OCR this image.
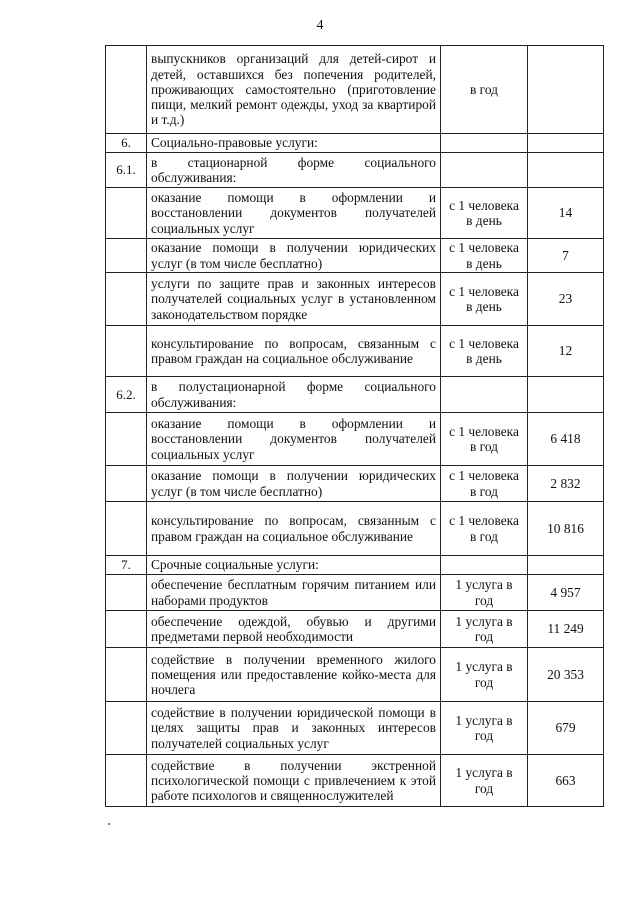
4
	выпускников организаций для детей-сирот и детей, оставшихся без попечения родителей, проживающих самостоятельно (приготовление пищи, мелкий ремонт одежды, уход за квартирой и т.д.)	в год	
6.	Социально-правовые услуги:		
6.1.	в стационарной форме социального обслуживания:		
	оказание помощи в оформлении и восстановлении документов получателей социальных услуг	с 1 человека в день	14
	оказание помощи в получении юридических услуг (в том числе бесплатно)	с 1 человека в день	7
	услуги по защите прав и законных интересов получателей социальных услуг в установленном законодательством порядке	с 1 человека в день	23
	консультирование по вопросам, связанным с правом граждан на социальное обслуживание	с 1 человека в день	12
6.2.	в полустационарной форме социального обслуживания:		
	оказание помощи в оформлении и восстановлении документов получателей социальных услуг	с 1 человека в год	6 418
	оказание помощи в получении юридических услуг (в том числе бесплатно)	с 1 человека в год	2 832
	консультирование по вопросам, связанным с правом граждан на социальное обслуживание	с 1 человека в год	10 816
7.	Срочные социальные услуги:		
	обеспечение бесплатным горячим питанием или наборами продуктов	1 услуга в год	4 957
	обеспечение одеждой, обувью и другими предметами первой необходимости	1 услуга в год	11 249
	содействие в получении временного жилого помещения или предоставление койко-места для ночлега	1 услуга в год	20 353
	содействие в получении юридической помощи в целях защиты прав и законных интересов получателей социальных услуг	1 услуга в год	679
	содействие в получении экстренной психологической помощи с привлечением к этой работе психологов и священнослужителей	1 услуга в год	663
